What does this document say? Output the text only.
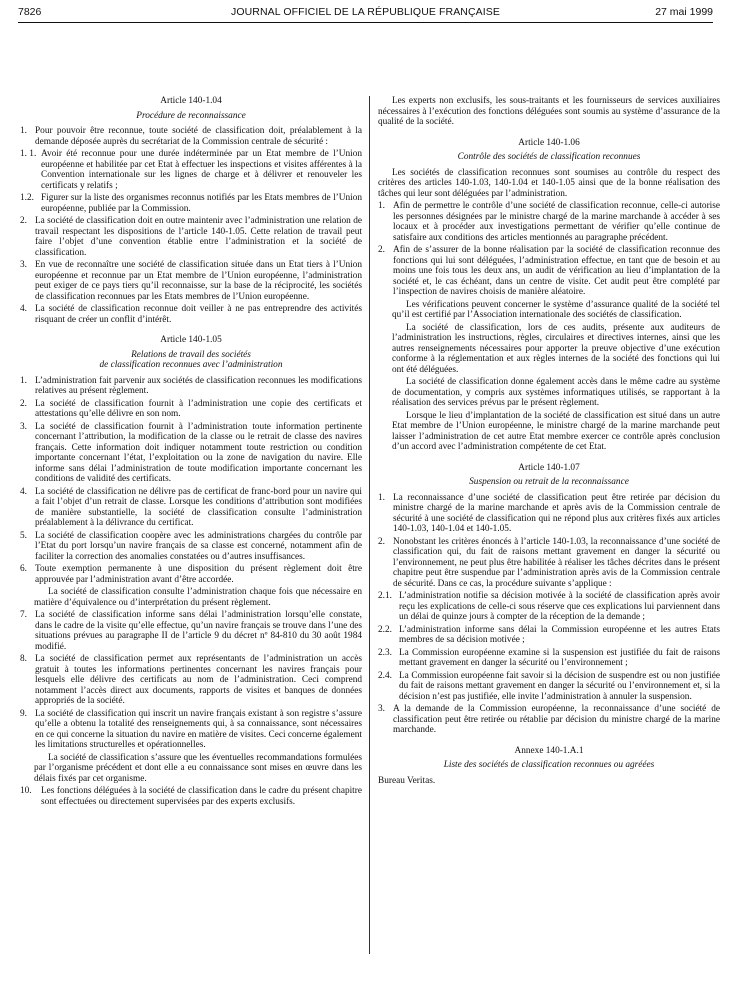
7826	JOURNAL OFFICIEL DE LA RÉPUBLIQUE FRANÇAISE	27 mai 1999
Article 140-1.04
Procédure de reconnaissance
1. Pour pouvoir être reconnue, toute société de classification doit, préalablement à la demande déposée auprès du secrétariat de la Commission centrale de sécurité :
1. 1. Avoir été reconnue pour une durée indéterminée par un Etat membre de l’Union européenne et habilitée par cet Etat à effectuer les inspections et visites afférentes à la Convention internationale sur les lignes de charge et à délivrer et renouveler les certificats y relatifs ;
1.2. Figurer sur la liste des organismes reconnus notifiés par les Etats membres de l’Union européenne, publiée par la Commission.
2. La société de classification doit en outre maintenir avec l’administration une relation de travail respectant les dispositions de l’article 140-1.05. Cette relation de travail peut faire l’objet d’une convention établie entre l’administration et la société de classification.
3. En vue de reconnaître une société de classification située dans un Etat tiers à l’Union européenne et reconnue par un Etat membre de l’Union européenne, l’administration peut exiger de ce pays tiers qu’il reconnaisse, sur la base de la réciprocité, les sociétés de classification reconnues par les Etats membres de l’Union européenne.
4. La société de classification reconnue doit veiller à ne pas entreprendre des activités risquant de créer un conflit d’intérêt.
Article 140-1.05
Relations de travail des sociétés
de classification reconnues avec l’administration
1. L’administration fait parvenir aux sociétés de classification reconnues les modifications relatives au présent règlement.
2. La société de classification fournit à l’administration une copie des certificats et attestations qu’elle délivre en son nom.
3. La société de classification fournit à l’administration toute information pertinente concernant l’attribution, la modification de la classe ou le retrait de classe des navires français. Cette information doit indiquer notamment toute restriction ou condition importante concernant l’état, l’exploitation ou la zone de navigation du navire. Elle informe sans délai l’administration de toute modification importante concernant les conditions de validité des certificats.
4. La société de classification ne délivre pas de certificat de franc-bord pour un navire qui a fait l’objet d’un retrait de classe. Lorsque les conditions d’attribution sont modifiées de manière substantielle, la société de classification consulte l’administration préalablement à la délivrance du certificat.
5. La société de classification coopère avec les administrations chargées du contrôle par l’Etat du port lorsqu’un navire français de sa classe est concerné, notamment afin de faciliter la correction des anomalies constatées ou d’autres insuffisances.
6. Toute exemption permanente à une disposition du présent règlement doit être approuvée par l’administration avant d’être accordée.
La société de classification consulte l’administration chaque fois que nécessaire en matière d’équivalence ou d’interprétation du présent règlement.
7. La société de classification informe sans délai l’administration lorsqu’elle constate, dans le cadre de la visite qu’elle effectue, qu’un navire français se trouve dans l’une des situations prévues au paragraphe II de l’article 9 du décret nº 84-810 du 30 août 1984 modifié.
8. La société de classification permet aux représentants de l’administration un accès gratuit à toutes les informations pertinentes concernant les navires français pour lesquels elle délivre des certificats au nom de l’administration. Ceci comprend notamment l’accès direct aux documents, rapports de visites et banques de données appropriés de la société.
9. La société de classification qui inscrit un navire français existant à son registre s’assure qu’elle a obtenu la totalité des renseignements qui, à sa connaissance, sont nécessaires en ce qui concerne la situation du navire en matière de visites. Ceci concerne également les limitations structurelles et opérationnelles.
La société de classification s’assure que les éventuelles recommandations formulées par l’organisme précédent et dont elle a eu connaissance sont mises en œuvre dans les délais fixés par cet organisme.
10.	Les fonctions déléguées à la société de classification dans le cadre du présent chapitre sont effectuées ou directement supervisées par des experts exclusifs.
Les experts non exclusifs, les sous-traitants et les fournisseurs de services auxiliaires nécessaires à l’exécution des fonctions déléguées sont soumis au système d’assurance de la qualité de la société.
Article 140-1.06
Contrôle des sociétés de classification reconnues
Les sociétés de classification reconnues sont soumises au contrôle du respect des critères des articles 140-1.03, 140-1.04 et 140-1.05 ainsi que de la bonne réalisation des tâches qui leur sont déléguées par l’administration.
1. Afin de permettre le contrôle d’une société de classification reconnue, celle-ci autorise les personnes désignées par le ministre chargé de la marine marchande à accéder à ses locaux et à procéder aux investigations permettant de vérifier qu’elle continue de satisfaire aux conditions des articles mentionnés au paragraphe précédent.
2. Afin de s’assurer de la bonne réalisation par la société de classification reconnue des fonctions qui lui sont déléguées, l’administration effectue, en tant que de besoin et au moins une fois tous les deux ans, un audit de vérification au lieu d’implantation de la société et, le cas échéant, dans un centre de visite. Cet audit peut être complété par l’inspection de navires choisis de manière aléatoire.
Les vérifications peuvent concerner le système d’assurance qualité de la société tel qu’il est certifié par l’Association internationale des sociétés de classification.
La société de classification, lors de ces audits, présente aux auditeurs de l’administration les instructions, règles, circulaires et directives internes, ainsi que les autres renseignements nécessaires pour apporter la preuve objective d’une exécution conforme à la réglementation et aux règles internes de la société des fonctions qui lui ont été déléguées.
La société de classification donne également accès dans le même cadre au système de documentation, y compris aux systèmes informatiques utilisés, se rapportant à la réalisation des services prévus par le présent règlement.
Lorsque le lieu d’implantation de la société de classification est situé dans un autre Etat membre de l’Union européenne, le ministre chargé de la marine marchande peut laisser l’administration de cet autre Etat membre exercer ce contrôle après conclusion d’un accord avec l’administration compétente de cet Etat.
Article 140-1.07
Suspension ou retrait de la reconnaissance
1. La reconnaissance d’une société de classification peut être retirée par décision du ministre chargé de la marine marchande et après avis de la Commission centrale de sécurité à une société de classification qui ne répond plus aux critères fixés aux articles 140-1.03, 140-1.04 et 140-1.05.
2. Nonobstant les critères énoncés à l’article 140-1.03, la reconnaissance d’une société de classification qui, du fait de raisons mettant gravement en danger la sécurité ou l’environnement, ne peut plus être habilitée à réaliser les tâches décrites dans le présent chapitre peut être suspendue par l’administration après avis de la Commission centrale de sécurité. Dans ce cas, la procédure suivante s’applique :
2.1. L’administration notifie sa décision motivée à la société de classification après avoir reçu les explications de celle-ci sous réserve que ces explications lui parviennent dans un délai de quinze jours à compter de la réception de la demande ;
2.2. L’administration informe sans délai la Commission européenne et les autres Etats membres de sa décision motivée ;
2.3. La Commission européenne examine si la suspension est justifiée du fait de raisons mettant gravement en danger la sécurité ou l’environnement ;
2.4. La Commission européenne fait savoir si la décision de suspendre est ou non justifiée du fait de raisons mettant gravement en danger la sécurité ou l’environnement et, si la décision n’est pas justifiée, elle invite l’administration à annuler la suspension.
3. A la demande de la Commission européenne, la reconnaissance d’une société de classification peut être retirée ou rétablie par décision du ministre chargé de la marine marchande.
Annexe 140-1.A.1
Liste des sociétés de classification reconnues ou agréées
Bureau Veritas.
